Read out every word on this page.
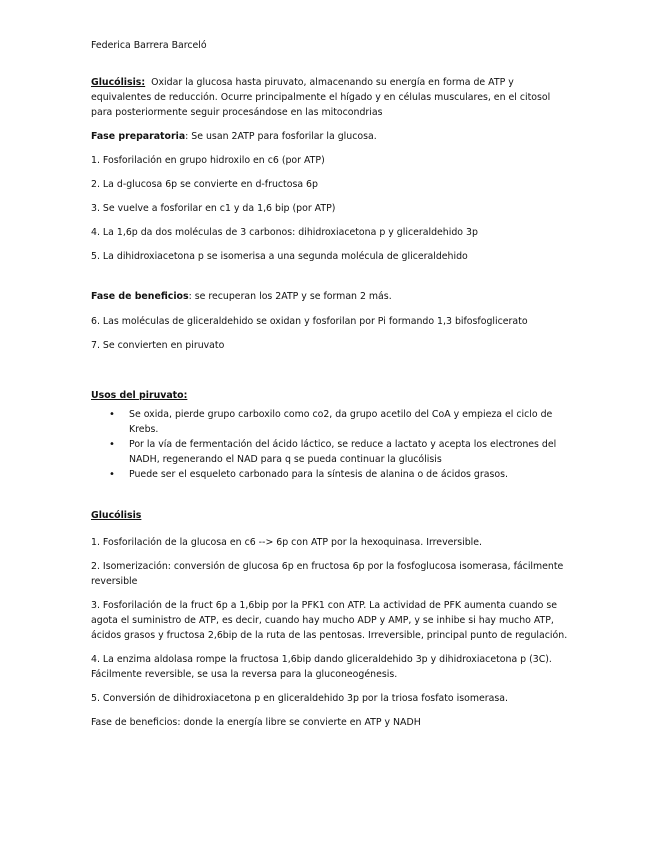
Federica Barrera Barceló

Glucólisis: Oxidar la glucosa hasta piruvato, almacenando su energía en forma de ATP y equivalentes de reducción. Ocurre principalmente el hígado y en células musculares, en el citosol para posteriormente seguir procesándose en las mitocondrias

Fase preparatoria: Se usan 2ATP para fosforilar la glucosa.

1. Fosforilación en grupo hidroxilo en c6 (por ATP)

2. La d-glucosa 6p se convierte en d-fructosa 6p

3. Se vuelve a fosforilar en c1 y da 1,6 bip (por ATP)

4. La 1,6p da dos moléculas de 3 carbonos: dihidroxiacetona p y gliceraldehido 3p

5. La dihidroxiacetona p se isomerisa a una segunda molécula de gliceraldehido

Fase de beneficios: se recuperan los 2ATP y se forman 2 más.

6. Las moléculas de gliceraldehido se oxidan y fosforilan por Pi formando 1,3 bifosfoglicerato

7. Se convierten en piruvato

Usos del piruvato:

• Se oxida, pierde grupo carboxilo como co2, da grupo acetilo del CoA y empieza el ciclo de Krebs.
• Por la vía de fermentación del ácido láctico, se reduce a lactato y acepta los electrones del NADH, regenerando el NAD para q se pueda continuar la glucólisis
• Puede ser el esqueleto carbonado para la síntesis de alanina o de ácidos grasos.

Glucólisis

1. Fosforilación de la glucosa en c6 --> 6p con ATP por la hexoquinasa. Irreversible.

2. Isomerización: conversión de glucosa 6p en fructosa 6p por la fosfoglucosa isomerasa, fácilmente reversible

3. Fosforilación de la fruct 6p a 1,6bip por la PFK1 con ATP. La actividad de PFK aumenta cuando se agota el suministro de ATP, es decir, cuando hay mucho ADP y AMP, y se inhibe si hay mucho ATP, ácidos grasos y fructosa 2,6bip de la ruta de las pentosas. Irreversible, principal punto de regulación.

4. La enzima aldolasa rompe la fructosa 1,6bip dando gliceraldehido 3p y dihidroxiacetona p (3C). Fácilmente reversible, se usa la reversa para la gluconeogénesis.

5. Conversión de dihidroxiacetona p en gliceraldehido 3p por la triosa fosfato isomerasa.

Fase de beneficios: donde la energía libre se convierte en ATP y NADH
